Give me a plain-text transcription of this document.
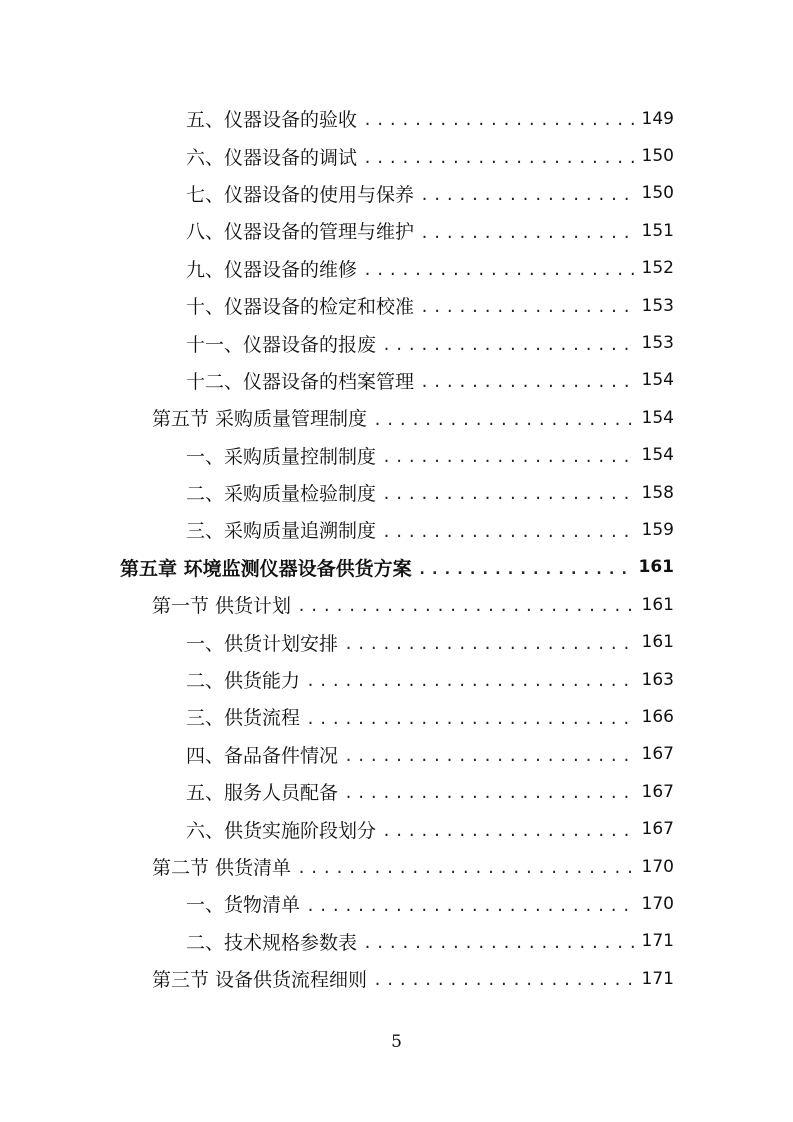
五、仪器设备的验收 .....	149
六、仪器设备的调试 .....	150
七、仪器设备的使用与保养 .....	150
八、仪器设备的管理与维护 .....	151
九、仪器设备的维修 .....	152
十、仪器设备的检定和校准 .....	153
十一、仪器设备的报废 .....	153
十二、仪器设备的档案管理 .....	154
第五节 采购质量管理制度 .....	154
一、采购质量控制制度 .....	154
二、采购质量检验制度 .....	158
三、采购质量追溯制度 .....	159
第五章 环境监测仪器设备供货方案 .....	161
第一节 供货计划 .....	161
一、供货计划安排 .....	161
二、供货能力 .....	163
三、供货流程 .....	166
四、备品备件情况 .....	167
五、服务人员配备 .....	167
六、供货实施阶段划分 .....	167
第二节 供货清单 .....	170
一、货物清单 .....	170
二、技术规格参数表 .....	171
第三节 设备供货流程细则 .....	171
5
